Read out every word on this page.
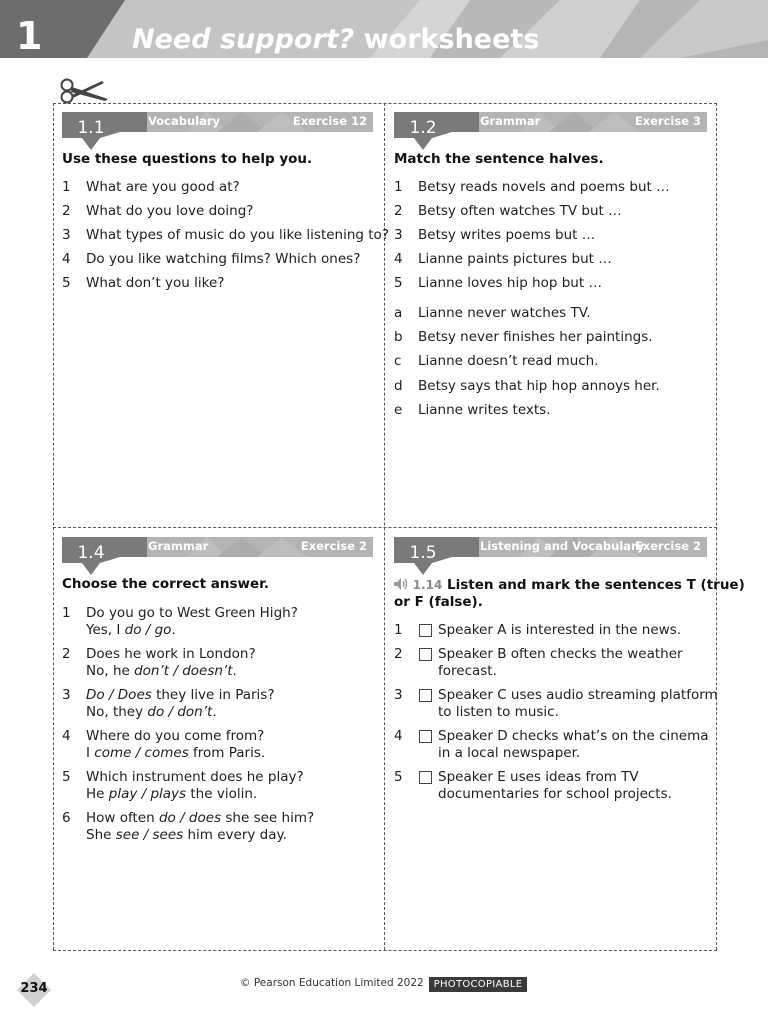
1	Need support? worksheets
1.1	Vocabulary	Exercise 12
Use these questions to help you.
1 What are you good at?
2 What do you love doing?
3 What types of music do you like listening to?
4 Do you like watching films? Which ones?
5 What don’t you like?
1.2	Grammar	Exercise 3
Match the sentence halves.
1 Betsy reads novels and poems but …
2 Betsy often watches TV but …
3 Betsy writes poems but …
4 Lianne paints pictures but …
5 Lianne loves hip hop but …
a Lianne never watches TV.
b Betsy never finishes her paintings.
c Lianne doesn’t read much.
d Betsy says that hip hop annoys her.
e Lianne writes texts.
1.4	Grammar	Exercise 2
Choose the correct answer.
1 Do you go to West Green High?
Yes, I do / go.
2 Does he work in London?
No, he don’t / doesn’t.
3 Do / Does they live in Paris?
No, they do / don’t.
4 Where do you come from?
I come / comes from Paris.
5 Which instrument does he play?
He play / plays the violin.
6 How often do / does she see him?
She see / sees him every day.
1.5	Listening and Vocabulary
Exercise 2
1.14 Listen and mark the sentences T (true)
or F (false).
1	Speaker A is interested in the news.
2	Speaker B often checks the weather
forecast.
3	Speaker C uses audio streaming platform
to listen to music.
4	Speaker D checks what’s on the cinema
in a local newspaper.
5	Speaker E uses ideas from TV
documentaries for school projects.
234	© Pearson Education Limited 2022 PHOTOCOPIABLE
